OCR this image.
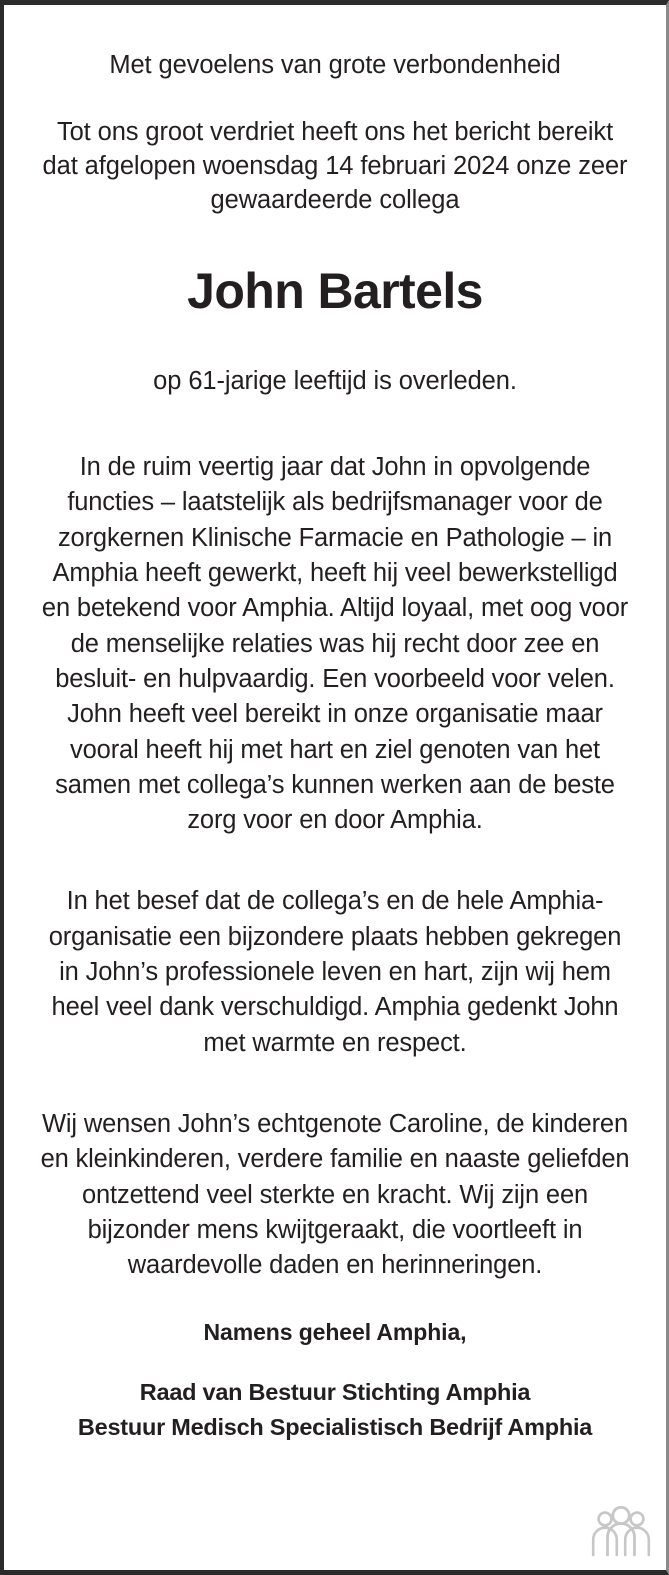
Met gevoelens van grote verbondenheid

Tot ons groot verdriet heeft ons het bericht bereikt dat afgelopen woensdag 14 februari 2024 onze zeer gewaardeerde collega

John Bartels

op 61-jarige leeftijd is overleden.

In de ruim veertig jaar dat John in opvolgende functies – laatstelijk als bedrijfsmanager voor de zorgkernen Klinische Farmacie en Pathologie – in Amphia heeft gewerkt, heeft hij veel bewerkstelligd en betekend voor Amphia. Altijd loyaal, met oog voor de menselijke relaties was hij recht door zee en besluit- en hulpvaardig. Een voorbeeld voor velen. John heeft veel bereikt in onze organisatie maar vooral heeft hij met hart en ziel genoten van het samen met collega’s kunnen werken aan de beste zorg voor en door Amphia.

In het besef dat de collega’s en de hele Amphia-organisatie een bijzondere plaats hebben gekregen in John’s professionele leven en hart, zijn wij hem heel veel dank verschuldigd. Amphia gedenkt John met warmte en respect.

Wij wensen John’s echtgenote Caroline, de kinderen en kleinkinderen, verdere familie en naaste geliefden ontzettend veel sterkte en kracht. Wij zijn een bijzonder mens kwijtgeraakt, die voortleeft in waardevolle daden en herinneringen.

Namens geheel Amphia,

Raad van Bestuur Stichting Amphia

Bestuur Medisch Specialistisch Bedrijf Amphia
